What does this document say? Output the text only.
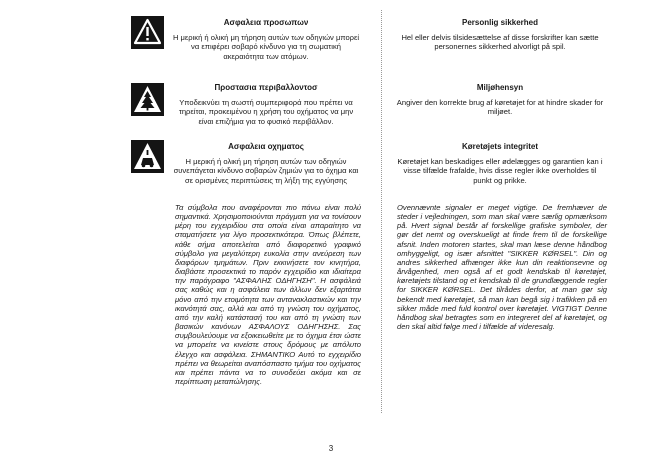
Ασφαλεια προσωπων
Η μερική ή ολική μη τήρηση αυτών των οδηγιών μπορεί να επιφέρει σοβαρό κίνδυνο για τη σωματική ακεραιότητα των ατόμων.
Προστασια περιβαλλοντοσ
Υποδεικνύει τη σωστή συμπεριφορά που πρέπει να τηρείται, προκειμένου η χρήση του οχήματος να μην είναι επιζήμια για το φυσικό περιβάλλον.
Ασφαλεια οχηματος
Η μερική ή ολική μη τήρηση αυτών των οδηγιών συνεπάγεται κίνδυνο σοβαρών ζημιών για το όχημα και σε ορισμένες περιπτώσεις τη λήξη της εγγύησης
Personlig sikkerhed
Hel eller delvis tilsidesættelse af disse forskrifter kan sætte personernes sikkerhed alvorligt på spil.
Miljøhensyn
Angiver den korrekte brug af køretøjet for at hindre skader for miljøet.
Køretøjets integritet
Køretøjet kan beskadiges eller ødelægges og garantien kan i visse tilfælde frafalde, hvis disse regler ikke overholdes til punkt og prikke.
Τα σύμβολα που αναφέρονται πιο πάνω είναι πολύ σημαντικά. Χρησιμοποιούνται πράγματι για να τονίσουν μέρη του εγχειριδίου στα οποία είναι απαραίτητο να σταματήσετε για λίγο προσεκτικότερα. Όπως βλέπετε, κάθε σήμα αποτελείται από διαφορετικό γραφικό σύμβολο για μεγαλύτερη ευκολία στην ανεύρεση των διαφόρων τμημάτων. Πριν εκκινήσετε τον κινητήρα, διαβάστε προσεκτικά το παρόν εγχειρίδιο και ιδιαίτερα την παράγραφο "ΑΣΦΑΛΗΣ ΟΔΗΓΗΣΗ". Η ασφάλειά σας καθώς και η ασφάλεια των άλλων δεν εξαρτάται μόνο από την ετοιμότητα των αντανακλαστικών και την ικανότητά σας, αλλά και από τη γνώση του οχήματος, από την καλή κατάστασή του και από τη γνώση των βασικών κανόνων ΑΣΦΑΛΟΥΣ ΟΔΗΓΗΣΗΣ. Σας συμβουλεύουμε να εξοικειωθείτε με το όχημα έτσι ώστε να μπορείτε να κινείστε στους δρόμους με απόλυτο έλεγχο και ασφάλεια. ΣΗΜΑΝΤΙΚΟ Αυτό το εγχειρίδιο πρέπει να θεωρείται αναπόσπαστο τμήμα του οχήματος και πρέπει πάντα να το συνοδεύει ακόμα και σε περίπτωση μεταπώλησης.
Ovennævnte signaler er meget vigtige. De fremhæver de steder i vejledningen, som man skal være særlig opmærksom på. Hvert signal består af forskellige grafiske symboler, der gør det nemt og overskueligt at finde frem til de forskellige afsnit. Inden motoren startes, skal man læse denne håndbog omhyggeligt, og især afsnittet "SIKKER KØRSEL". Din og andres sikkerhed afhænger ikke kun din reaktionsevne og årvågenhed, men også af et godt kendskab til køretøjet, køretøjets tilstand og et kendskab til de grundlæggende regler for SIKKER KØRSEL. Det tilrådes derfor, at man gør sig bekendt med køretøjet, så man kan begå sig i trafikken på en sikker måde med fuld kontrol over køretøjet. VIGTIGT Denne håndbog skal betragtes som en integreret del af køretøjet, og den skal altid følge med i tilfælde af videresalg.
3
